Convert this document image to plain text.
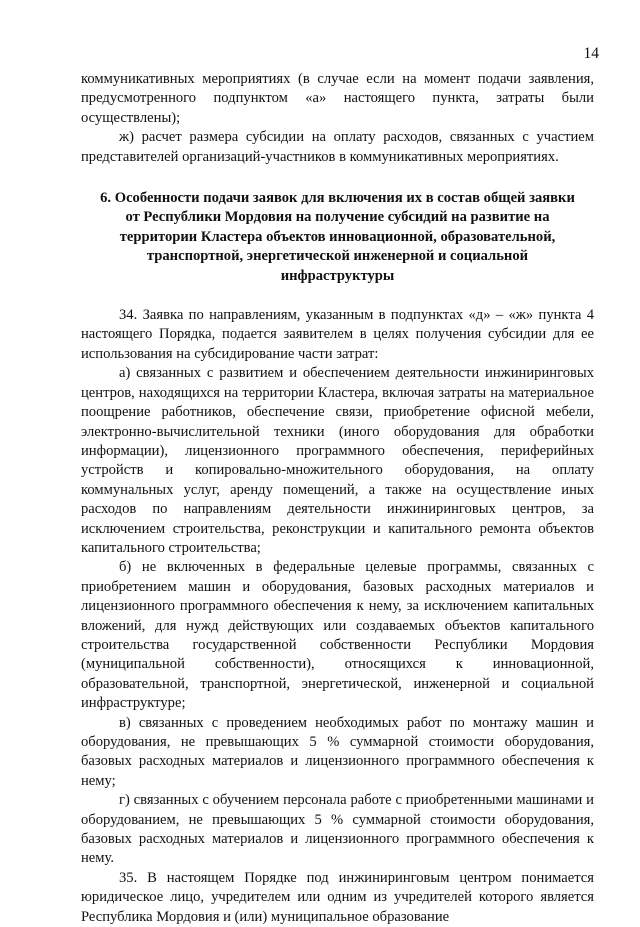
14

коммуникативных мероприятиях (в случае если на момент подачи заявления, предусмотренного подпунктом «а» настоящего пункта, затраты были осуществлены);

ж) расчет размера субсидии на оплату расходов, связанных с участием представителей организаций-участников в коммуникативных мероприятиях.

6. Особенности подачи заявок для включения их в состав общей заявки
от Республики Мордовия на получение субсидий на развитие на
территории Кластера объектов инновационной, образовательной,
транспортной, энергетической инженерной и социальной
инфраструктуры

34. Заявка по направлениям, указанным в подпунктах «д» – «ж» пункта 4 настоящего Порядка, подается заявителем в целях получения субсидии для ее использования на субсидирование части затрат:

а) связанных с развитием и обеспечением деятельности инжиниринговых центров, находящихся на территории Кластера, включая затраты на материальное поощрение работников, обеспечение связи, приобретение офисной мебели, электронно-вычислительной техники (иного оборудования для обработки информации), лицензионного программного обеспечения, периферийных устройств и копировально-множительного оборудования, на оплату коммунальных услуг, аренду помещений, а также на осуществление иных расходов по направлениям деятельности инжиниринговых центров, за исключением строительства, реконструкции и капитального ремонта объектов капитального строительства;

б) не включенных в федеральные целевые программы, связанных с приобретением машин и оборудования, базовых расходных материалов и лицензионного программного обеспечения к нему, за исключением капитальных вложений, для нужд действующих или создаваемых объектов капитального строительства государственной собственности Республики Мордовия (муниципальной собственности), относящихся к инновационной, образовательной, транспортной, энергетической, инженерной и социальной инфраструктуре;

в) связанных с проведением необходимых работ по монтажу машин и оборудования, не превышающих 5 % суммарной стоимости оборудования, базовых расходных материалов и лицензионного программного обеспечения к нему;

г) связанных с обучением персонала работе с приобретенными машинами и оборудованием, не превышающих 5 % суммарной стоимости оборудования, базовых расходных материалов и лицензионного программного обеспечения к нему.

35. В настоящем Порядке под инжиниринговым центром понимается юридическое лицо, учредителем или одним из учредителей которого является Республика Мордовия и (или) муниципальное образование
